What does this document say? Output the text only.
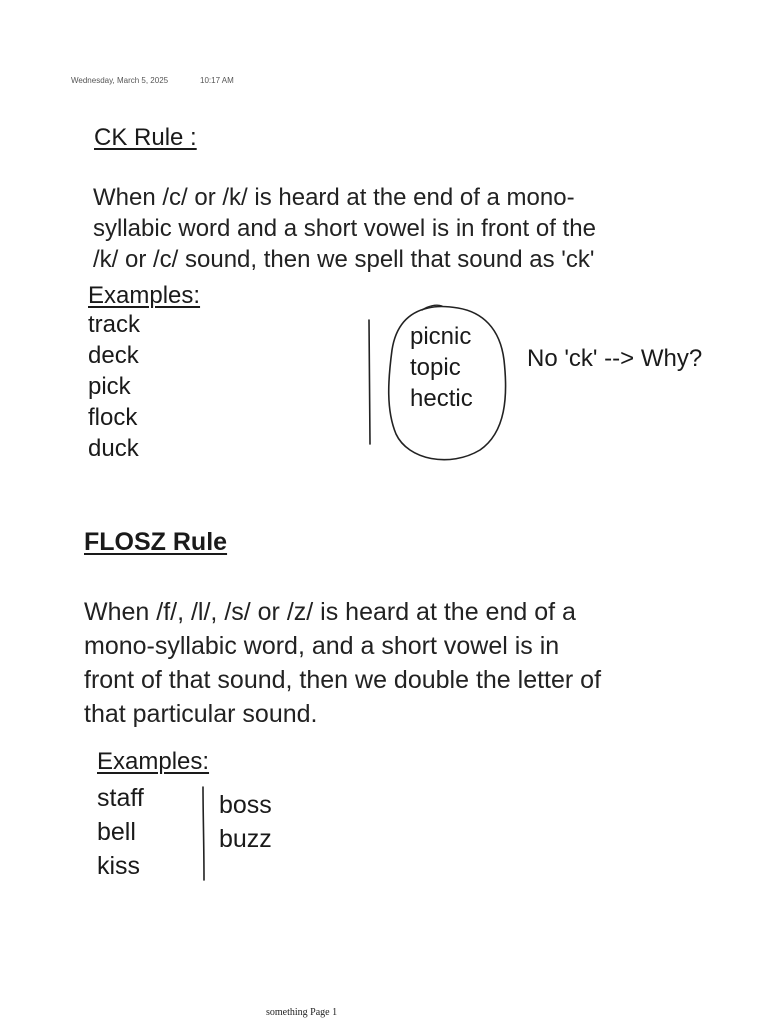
Wednesday, March 5, 2025	10:17 AM
CK Rule :
When /c/ or /k/ is heard at the end of a mono-
syllabic word and a short vowel is in front of the
/k/ or /c/ sound, then we spell that sound as 'ck'
Examples:
track
deck
pick
flock
duck
picnic
topic
hectic
No 'ck' --> Why?
FLOSZ Rule
When /f/, /l/, /s/ or /z/ is heard at the end of a
mono-syllabic word, and a short vowel is in
front of that sound, then we double the letter of
that particular sound.
Examples:
staff
bell
kiss
boss
buzz
something Page 1
